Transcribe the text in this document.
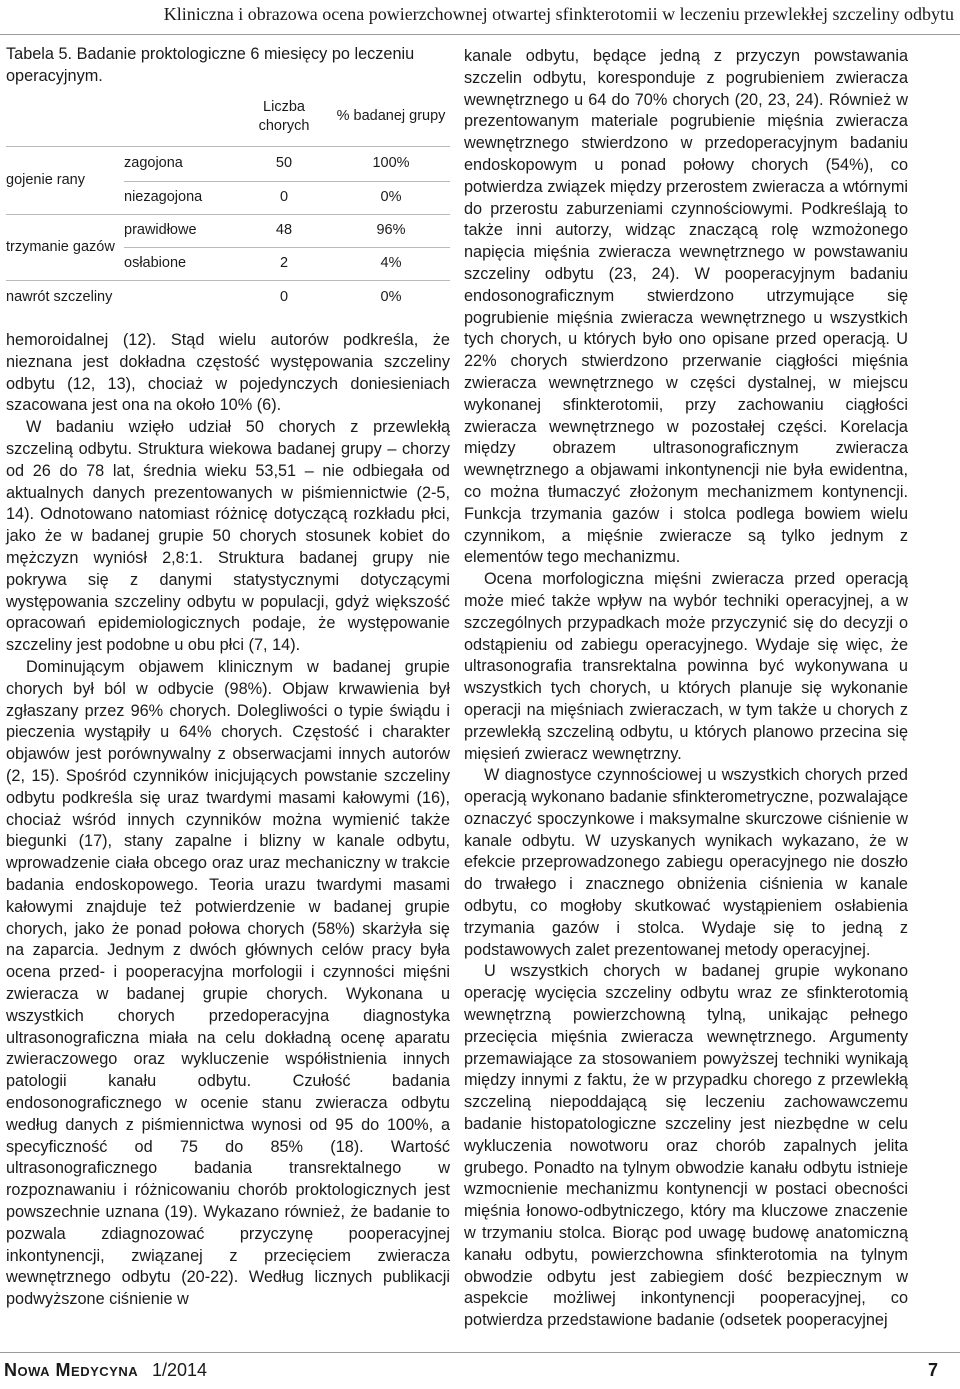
Kliniczna i obrazowa ocena powierzchownej otwartej sfinkterotomii w leczeniu przewlekłej szczeliny odbytu

Tabela 5. Badanie proktologiczne 6 miesięcy po leczeniu operacyjnym.

		Liczba chorych	% badanej grupy
gojenie rany	zagojona	50	100%
	niezagojona	0	0%
trzymanie gazów	prawidłowe	48	96%
	osłabione	2	4%
nawrót szczeliny		0	0%

hemoroidalnej (12). Stąd wielu autorów podkreśla, że nieznana jest dokładna częstość występowania szczeliny odbytu (12, 13), chociaż w pojedynczych doniesieniach szacowana jest ona na około 10% (6).

W badaniu wzięło udział 50 chorych z przewlekłą szczeliną odbytu. Struktura wiekowa badanej grupy – chorzy od 26 do 78 lat, średnia wieku 53,51 – nie odbiegała od aktualnych danych prezentowanych w piśmiennictwie (2-5, 14). Odnotowano natomiast różnicę dotyczącą rozkładu płci, jako że w badanej grupie 50 chorych stosunek kobiet do mężczyzn wyniósł 2,8:1. Struktura badanej grupy nie pokrywa się z danymi statystycznymi dotyczącymi występowania szczeliny odbytu w populacji, gdyż większość opracowań epidemiologicznych podaje, że występowanie szczeliny jest podobne u obu płci (7, 14).

Dominującym objawem klinicznym w badanej grupie chorych był ból w odbycie (98%). Objaw krwawienia był zgłaszany przez 96% chorych. Dolegliwości o typie świądu i pieczenia wystąpiły u 64% chorych. Częstość i charakter objawów jest porównywalny z obserwacjami innych autorów (2, 15). Spośród czynników inicjujących powstanie szczeliny odbytu podkreśla się uraz twardymi masami kałowymi (16), chociaż wśród innych czynników można wymienić także biegunki (17), stany zapalne i blizny w kanale odbytu, wprowadzenie ciała obcego oraz uraz mechaniczny w trakcie badania endoskopowego. Teoria urazu twardymi masami kałowymi znajduje też potwierdzenie w badanej grupie chorych, jako że ponad połowa chorych (58%) skarżyła się na zaparcia. Jednym z dwóch głównych celów pracy była ocena przed- i pooperacyjna morfologii i czynności mięśni zwieracza w badanej grupie chorych. Wykonana u wszystkich chorych przedoperacyjna diagnostyka ultrasonograficzna miała na celu dokładną ocenę aparatu zwieraczowego oraz wykluczenie współistnienia innych patologii kanału odbytu. Czułość badania endosonograficznego w ocenie stanu zwieracza odbytu według danych z piśmiennictwa wynosi od 95 do 100%, a specyficzność od 75 do 85% (18). Wartość ultrasonograficznego badania transrektalnego w rozpoznawaniu i różnicowaniu chorób proktologicznych jest powszechnie uznana (19). Wykazano również, że badanie to pozwala zdiagnozować przyczynę pooperacyjnej inkontynencji, związanej z przecięciem zwieracza wewnętrznego odbytu (20-22). Według licznych publikacji podwyższone ciśnienie w

kanale odbytu, będące jedną z przyczyn powstawania szczelin odbytu, koresponduje z pogrubieniem zwieracza wewnętrznego u 64 do 70% chorych (20, 23, 24). Również w prezentowanym materiale pogrubienie mięśnia zwieracza wewnętrznego stwierdzono w przedoperacyjnym badaniu endoskopowym u ponad połowy chorych (54%), co potwierdza związek między przerostem zwieracza a wtórnymi do przerostu zaburzeniami czynnościowymi. Podkreślają to także inni autorzy, widząc znaczącą rolę wzmożonego napięcia mięśnia zwieracza wewnętrznego w powstawaniu szczeliny odbytu (23, 24). W pooperacyjnym badaniu endosonograficznym stwierdzono utrzymujące się pogrubienie mięśnia zwieracza wewnętrznego u wszystkich tych chorych, u których było ono opisane przed operacją. U 22% chorych stwierdzono przerwanie ciągłości mięśnia zwieracza wewnętrznego w części dystalnej, w miejscu wykonanej sfinkterotomii, przy zachowaniu ciągłości zwieracza wewnętrznego w pozostałej części. Korelacja między obrazem ultrasonograficznym zwieracza wewnętrznego a objawami inkontynencji nie była ewidentna, co można tłumaczyć złożonym mechanizmem kontynencji. Funkcja trzymania gazów i stolca podlega bowiem wielu czynnikom, a mięśnie zwieracze są tylko jednym z elementów tego mechanizmu.

Ocena morfologiczna mięśni zwieracza przed operacją może mieć także wpływ na wybór techniki operacyjnej, a w szczególnych przypadkach może przyczynić się do decyzji o odstąpieniu od zabiegu operacyjnego. Wydaje się więc, że ultrasonografia transrektalna powinna być wykonywana u wszystkich tych chorych, u których planuje się wykonanie operacji na mięśniach zwieraczach, w tym także u chorych z przewlekłą szczeliną odbytu, u których planowo przecina się mięsień zwieracz wewnętrzny.

W diagnostyce czynnościowej u wszystkich chorych przed operacją wykonano badanie sfinkterometryczne, pozwalające oznaczyć spoczynkowe i maksymalne skurczowe ciśnienie w kanale odbytu. W uzyskanych wynikach wykazano, że w efekcie przeprowadzonego zabiegu operacyjnego nie doszło do trwałego i znacznego obniżenia ciśnienia w kanale odbytu, co mogłoby skutkować wystąpieniem osłabienia trzymania gazów i stolca. Wydaje się to jedną z podstawowych zalet prezentowanej metody operacyjnej.

U wszystkich chorych w badanej grupie wykonano operację wycięcia szczeliny odbytu wraz ze sfinkterotomią wewnętrzną powierzchowną tylną, unikając pełnego przecięcia mięśnia zwieracza wewnętrznego. Argumenty przemawiające za stosowaniem powyższej techniki wynikają między innymi z faktu, że w przypadku chorego z przewlekłą szczeliną niepoddającą się leczeniu zachowawczemu badanie histopatologiczne szczeliny jest niezbędne w celu wykluczenia nowotworu oraz chorób zapalnych jelita grubego. Ponadto na tylnym obwodzie kanału odbytu istnieje wzmocnienie mechanizmu kontynencji w postaci obecności mięśnia łonowo-odbytniczego, który ma kluczowe znaczenie w trzymaniu stolca. Biorąc pod uwagę budowę anatomiczną kanału odbytu, powierzchowna sfinkterotomia na tylnym obwodzie odbytu jest zabiegiem dość bezpiecznym w aspekcie możliwej inkontynencji pooperacyjnej, co potwierdza przedstawione badanie (odsetek pooperacyjnej

Nowa Medycyna 1/2014	7
